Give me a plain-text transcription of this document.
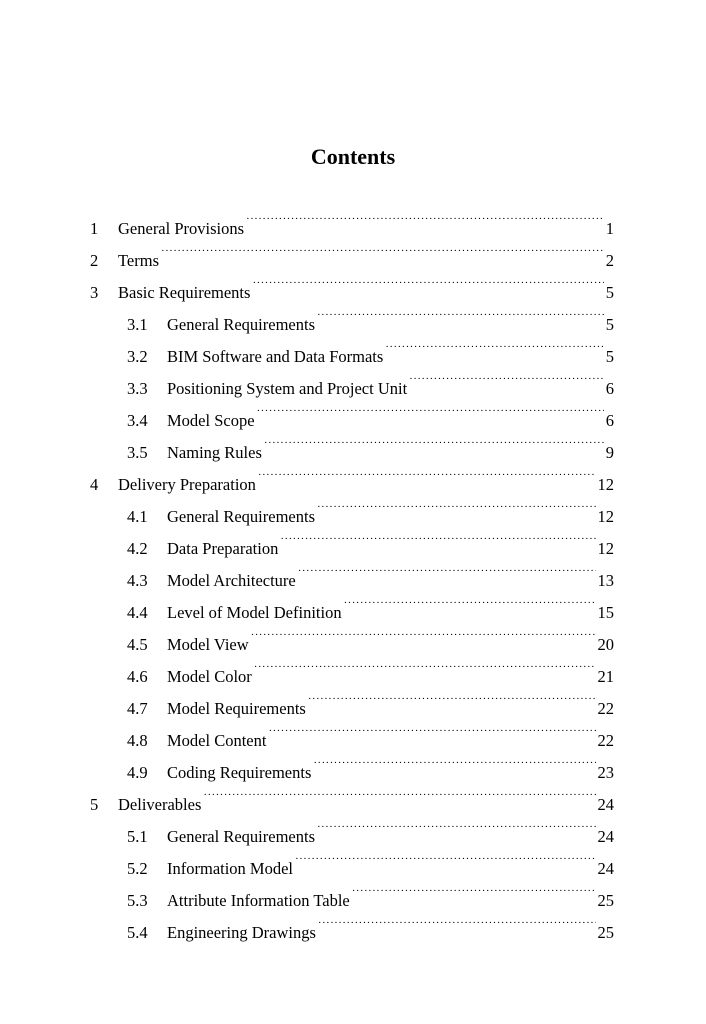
Contents
1	General Provisions ·····	1
2	Terms ·····	2
3	Basic Requirements ·····	5
3.1	General Requirements ·····	5
3.2	BIM Software and Data Formats ·····	5
3.3	Positioning System and Project Unit ·····	6
3.4	Model Scope ·····	6
3.5	Naming Rules ·····	9
4	Delivery Preparation ·····	12
4.1	General Requirements ·····	12
4.2	Data Preparation ·····	12
4.3	Model Architecture ·····	13
4.4	Level of Model Definition ·····	15
4.5	Model View ·····	20
4.6	Model Color ·····	21
4.7	Model Requirements ·····	22
4.8	Model Content ·····	22
4.9	Coding Requirements ·····	23
5	Deliverables ·····	24
5.1	General Requirements ·····	24
5.2	Information Model ·····	24
5.3	Attribute Information Table ·····	25
5.4	Engineering Drawings ·····	25
